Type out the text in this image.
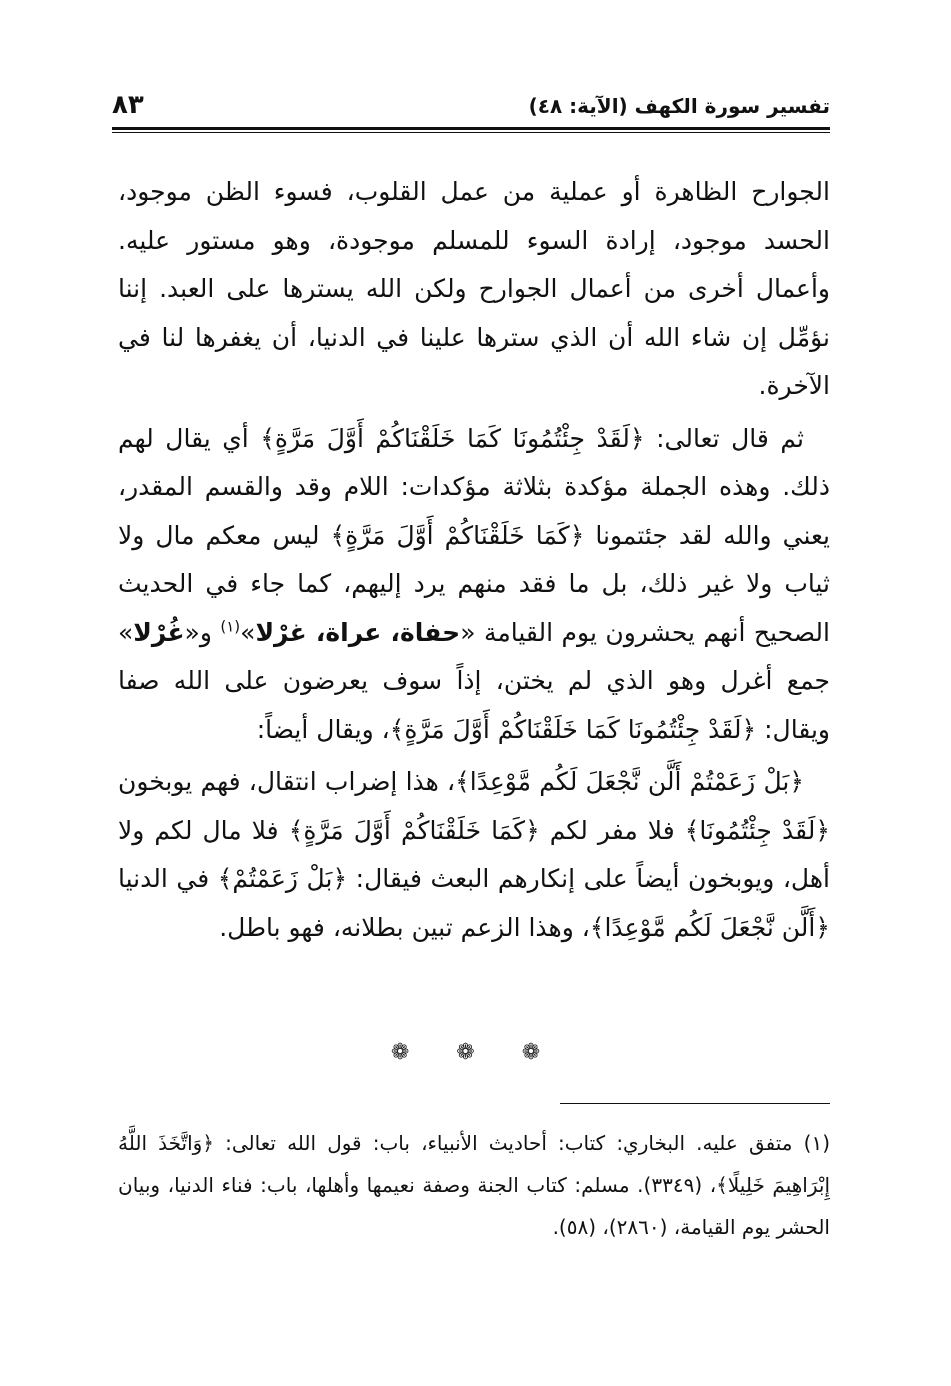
تفسير سورة الكهف (الآية: ٤٨)
٨٣

الجوارح الظاهرة أو عملية من عمل القلوب، فسوء الظن موجود، الحسد موجود، إرادة السوء للمسلم موجودة، وهو مستور عليه. وأعمال أخرى من أعمال الجوارح ولكن الله يسترها على العبد. إننا نؤمِّل إن شاء الله أن الذي سترها علينا في الدنيا، أن يغفرها لنا في الآخرة.

ثم قال تعالى: ﴿لَقَدْ جِئْتُمُونَا كَمَا خَلَقْنَاكُمْ أَوَّلَ مَرَّةٍ﴾ أي يقال لهم ذلك. وهذه الجملة مؤكدة بثلاثة مؤكدات: اللام وقد والقسم المقدر، يعني والله لقد جئتمونا ﴿كَمَا خَلَقْنَاكُمْ أَوَّلَ مَرَّةٍ﴾ ليس معكم مال ولا ثياب ولا غير ذلك، بل ما فقد منهم يرد إليهم، كما جاء في الحديث الصحيح أنهم يحشرون يوم القيامة «حفاة، عراة، غرْلا»$^{(١)}$ و«غُرْلا» جمع أغرل وهو الذي لم يختن، إذاً سوف يعرضون على الله صفا ويقال: ﴿لَقَدْ جِئْتُمُونَا كَمَا خَلَقْنَاكُمْ أَوَّلَ مَرَّةٍ﴾، ويقال أيضاً:

﴿بَلْ زَعَمْتُمْ أَلَّن نَّجْعَلَ لَكُم مَّوْعِدًا﴾، هذا إضراب انتقال، فهم يوبخون ﴿لَقَدْ جِئْتُمُونَا﴾ فلا مفر لكم ﴿كَمَا خَلَقْنَاكُمْ أَوَّلَ مَرَّةٍ﴾ فلا مال لكم ولا أهل، ويوبخون أيضاً على إنكارهم البعث فيقال: ﴿بَلْ زَعَمْتُمْ﴾ في الدنيا ﴿أَلَّن نَّجْعَلَ لَكُم مَّوْعِدًا﴾، وهذا الزعم تبين بطلانه، فهو باطل.

❁ ❁ ❁
(١) متفق عليه. البخاري: كتاب: أحاديث الأنبياء، باب: قول الله تعالى: ﴿وَاتَّخَذَ اللَّهُ إِبْرَاهِيمَ خَلِيلًا﴾، (٣٣٤٩). مسلم: كتاب الجنة وصفة نعيمها وأهلها، باب: فناء الدنيا، وبيان الحشر يوم القيامة، (٢٨٦٠)، (٥٨).
